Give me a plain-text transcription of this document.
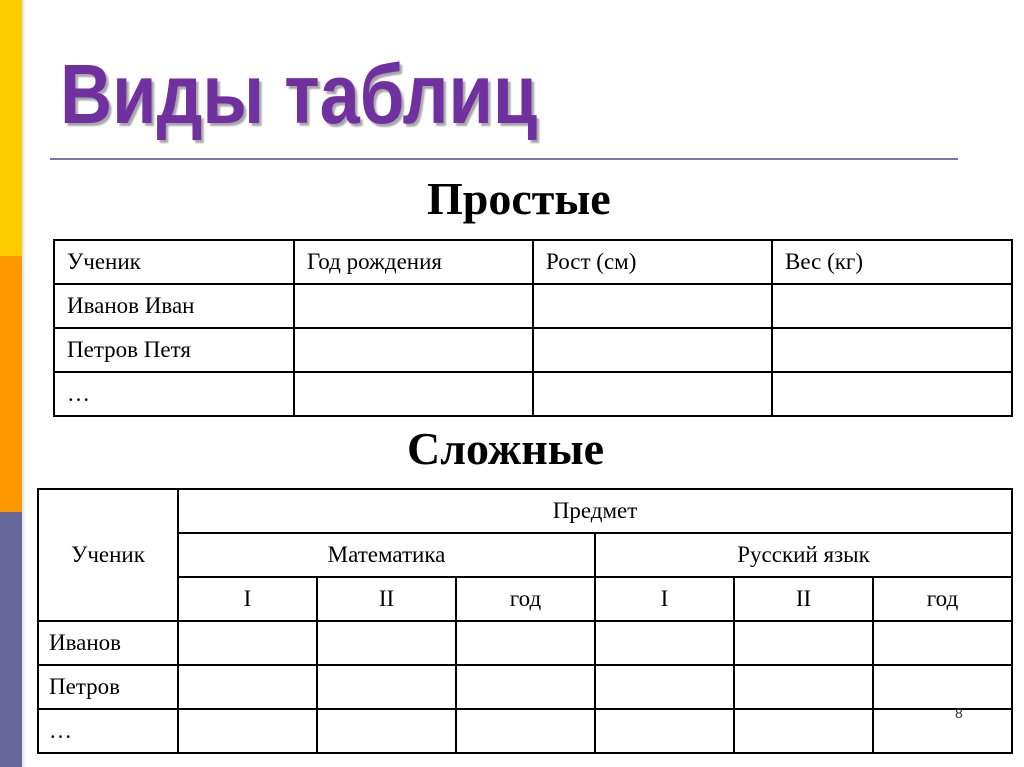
Виды таблиц
Простые
Ученик	Год рождения	Рост (см)	Вес (кг)
Иванов Иван			
Петров Петя			
…			
Сложные
Ученик	Предмет					
	Математика			Русский язык		
	I	II	год	I	II	год
Иванов						
Петров						
…						
8
